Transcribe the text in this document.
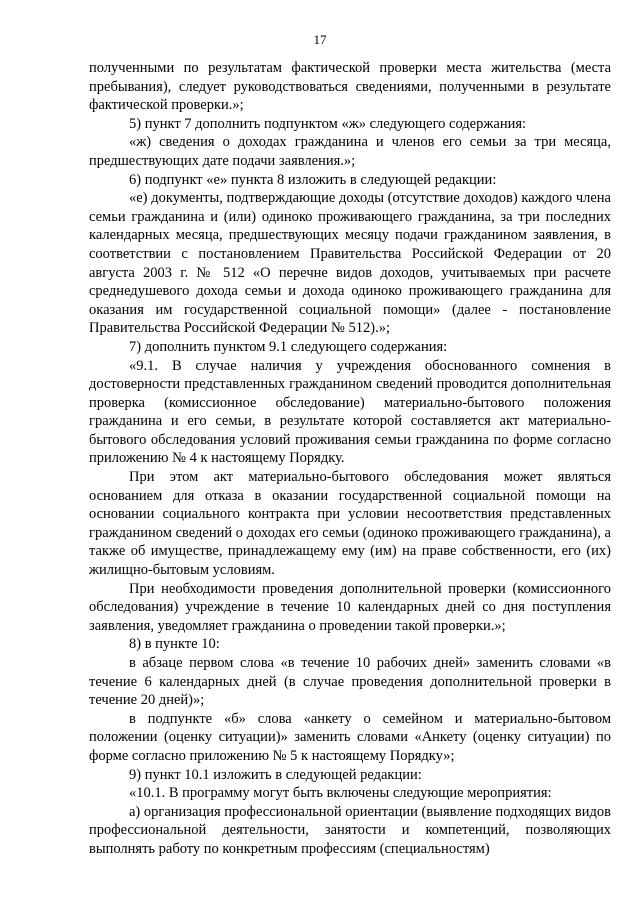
17

полученными по результатам фактической проверки места жительства (места пребывания), следует руководствоваться сведениями, полученными в результате фактической проверки.»;

5) пункт 7 дополнить подпунктом «ж» следующего содержания:

«ж) сведения о доходах гражданина и членов его семьи за три месяца, предшествующих дате подачи заявления.»;

6) подпункт «е» пункта 8 изложить в следующей редакции:

«е) документы, подтверждающие доходы (отсутствие доходов) каждого члена семьи гражданина и (или) одиноко проживающего гражданина, за три последних календарных месяца, предшествующих месяцу подачи гражданином заявления, в соответствии с постановлением Правительства Российской Федерации от 20 августа 2003 г. № 512 «О перечне видов доходов, учитываемых при расчете среднедушевого дохода семьи и дохода одиноко проживающего гражданина для оказания им государственной социальной помощи» (далее - постановление Правительства Российской Федерации № 512).»;

7) дополнить пунктом 9.1 следующего содержания:

«9.1. В случае наличия у учреждения обоснованного сомнения в достоверности представленных гражданином сведений проводится дополнительная проверка (комиссионное обследование) материально-бытового положения гражданина и его семьи, в результате которой составляется акт материально-бытового обследования условий проживания семьи гражданина по форме согласно приложению № 4 к настоящему Порядку.

При этом акт материально-бытового обследования может являться основанием для отказа в оказании государственной социальной помощи на основании социального контракта при условии несоответствия представленных гражданином сведений о доходах его семьи (одиноко проживающего гражданина), а также об имуществе, принадлежащему ему (им) на праве собственности, его (их) жилищно-бытовым условиям.

При необходимости проведения дополнительной проверки (комиссионного обследования) учреждение в течение 10 календарных дней со дня поступления заявления, уведомляет гражданина о проведении такой проверки.»;

8) в пункте 10:

в абзаце первом слова «в течение 10 рабочих дней» заменить словами «в течение 6 календарных дней (в случае проведения дополнительной проверки в течение 20 дней)»;

в подпункте «б» слова «анкету о семейном и материально-бытовом положении (оценку ситуации)» заменить словами «Анкету (оценку ситуации) по форме согласно приложению № 5 к настоящему Порядку»;

9) пункт 10.1 изложить в следующей редакции:

«10.1. В программу могут быть включены следующие мероприятия:

а) организация профессиональной ориентации (выявление подходящих видов профессиональной деятельности, занятости и компетенций, позволяющих выполнять работу по конкретным профессиям (специальностям)
